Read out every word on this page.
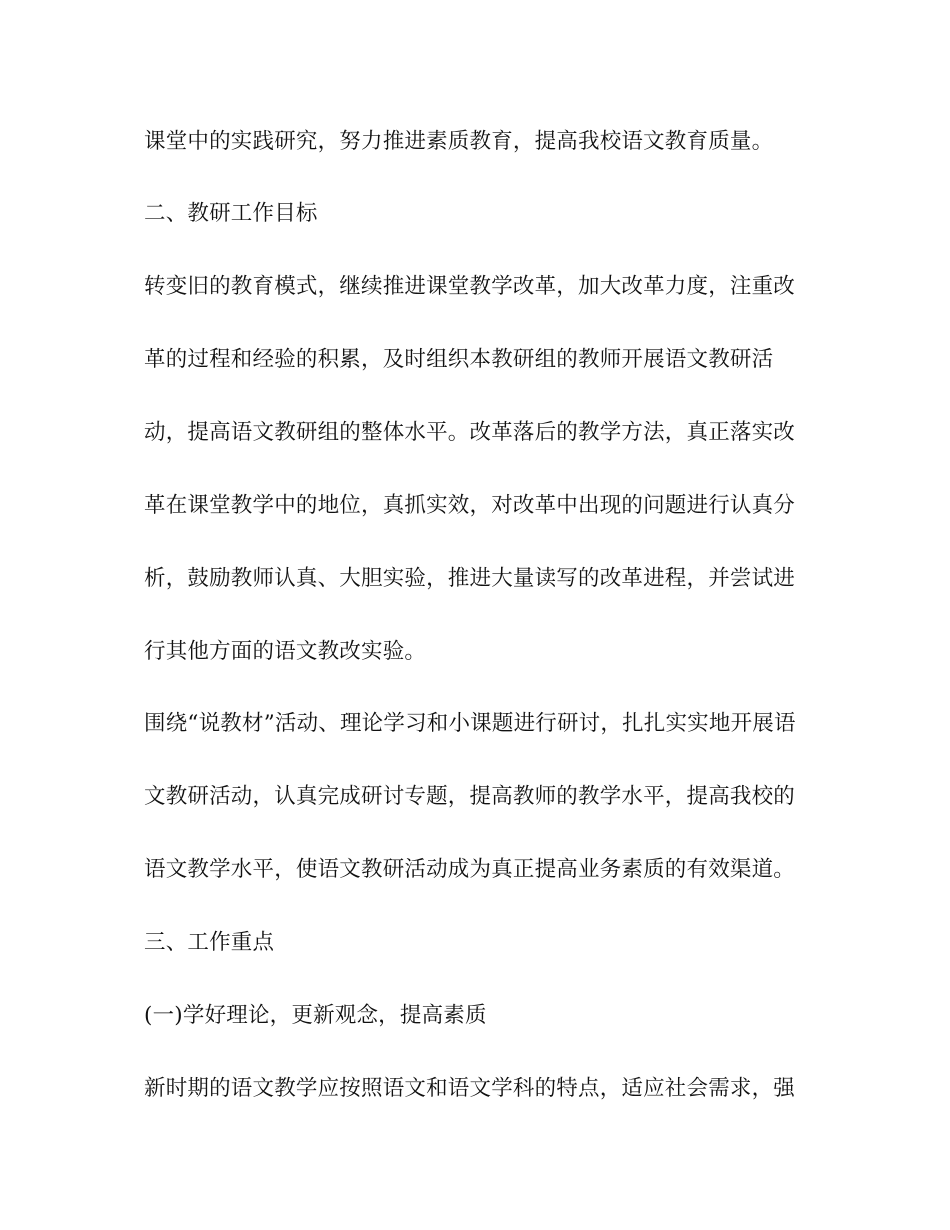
课堂中的实践研究，努力推进素质教育，提高我校语文教育质量。
二、教研工作目标
转变旧的教育模式，继续推进课堂教学改革，加大改革力度，注重改
革的过程和经验的积累，及时组织本教研组的教师开展语文教研活
动，提高语文教研组的整体水平。改革落后的教学方法，真正落实改
革在课堂教学中的地位，真抓实效，对改革中出现的问题进行认真分
析，鼓励教师认真、大胆实验，推进大量读写的改革进程，并尝试进
行其他方面的语文教改实验。
围绕“说教材”活动、理论学习和小课题进行研讨，扎扎实实地开展语
文教研活动，认真完成研讨专题，提高教师的教学水平，提高我校的
语文教学水平，使语文教研活动成为真正提高业务素质的有效渠道。
三、工作重点
(一)学好理论，更新观念，提高素质
新时期的语文教学应按照语文和语文学科的特点，适应社会需求，强
